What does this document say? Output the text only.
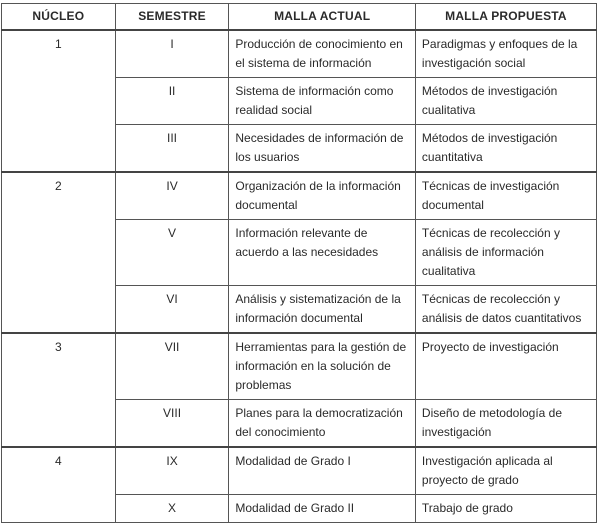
NÚCLEO	SEMESTRE	MALLA ACTUAL	MALLA PROPUESTA
1	I	Producción de conocimiento en el sistema de información	Paradigmas y enfoques de la investigación social
	II	Sistema de información como realidad social	Métodos de investigación cualitativa
	III	Necesidades de información de los usuarios	Métodos de investigación cuantitativa
2	IV	Organización de la información documental	Técnicas de investigación documental
	V	Información relevante de acuerdo a las necesidades	Técnicas de recolección y análisis de información cualitativa
	VI	Análisis y sistematización de la información documental	Técnicas de recolección y análisis de datos cuantitativos
3	VII	Herramientas para la gestión de información en la solución de problemas	Proyecto de investigación
	VIII	Planes para la democratización del conocimiento	Diseño de metodología de investigación
4	IX	Modalidad de Grado I	Investigación aplicada al proyecto de grado
	X	Modalidad de Grado II	Trabajo de grado
